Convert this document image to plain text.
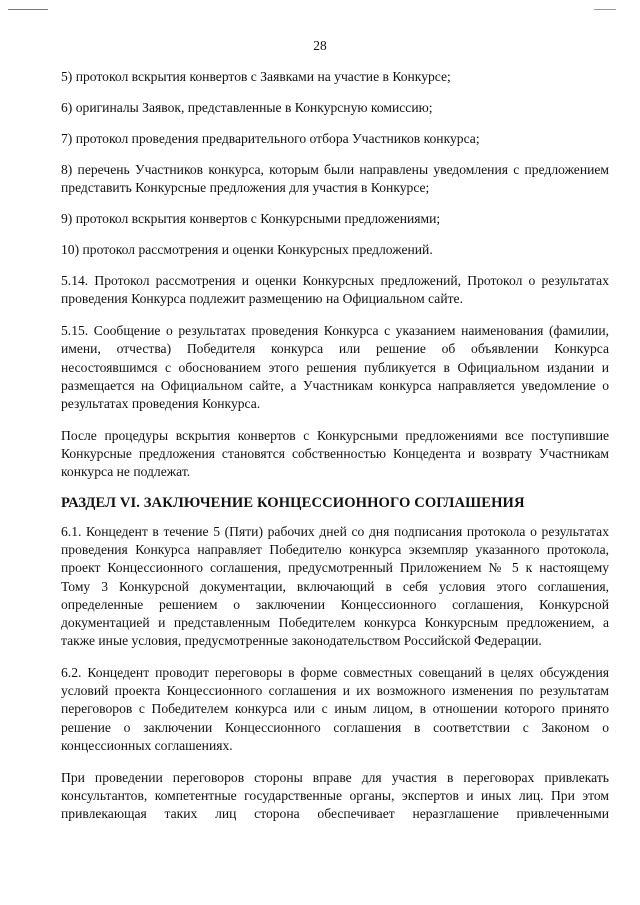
28

5) протокол вскрытия конвертов с Заявками на участие в Конкурсе;

6) оригиналы Заявок, представленные в Конкурсную комиссию;

7) протокол проведения предварительного отбора Участников конкурса;

8) перечень Участников конкурса, которым были направлены уведомления с предложением представить Конкурсные предложения для участия в Конкурсе;

9) протокол вскрытия конвертов с Конкурсными предложениями;

10) протокол рассмотрения и оценки Конкурсных предложений.

5.14. Протокол рассмотрения и оценки Конкурсных предложений, Протокол о результатах проведения Конкурса подлежит размещению на Официальном сайте.

5.15. Сообщение о результатах проведения Конкурса с указанием наименования (фамилии, имени, отчества) Победителя конкурса или решение об объявлении Конкурса несостоявшимся с обоснованием этого решения публикуется в Официальном издании и размещается на Официальном сайте, а Участникам конкурса направляется уведомление о результатах проведения Конкурса.

После процедуры вскрытия конвертов с Конкурсными предложениями все поступившие Конкурсные предложения становятся собственностью Концедента и возврату Участникам конкурса не подлежат.

РАЗДЕЛ VI. ЗАКЛЮЧЕНИЕ КОНЦЕССИОННОГО СОГЛАШЕНИЯ

6.1. Концедент в течение 5 (Пяти) рабочих дней со дня подписания протокола о результатах проведения Конкурса направляет Победителю конкурса экземпляр указанного протокола, проект Концессионного соглашения, предусмотренный Приложением № 5 к настоящему Тому 3 Конкурсной документации, включающий в себя условия этого соглашения, определенные решением о заключении Концессионного соглашения, Конкурсной документацией и представленным Победителем конкурса Конкурсным предложением, а также иные условия, предусмотренные законодательством Российской Федерации.

6.2. Концедент проводит переговоры в форме совместных совещаний в целях обсуждения условий проекта Концессионного соглашения и их возможного изменения по результатам переговоров с Победителем конкурса или с иным лицом, в отношении которого принято решение о заключении Концессионного соглашения в соответствии с Законом о концессионных соглашениях.

При проведении переговоров стороны вправе для участия в переговорах привлекать консультантов, компетентные государственные органы, экспертов и иных лиц. При этом привлекающая таких лиц сторона обеспечивает неразглашение привлеченными
